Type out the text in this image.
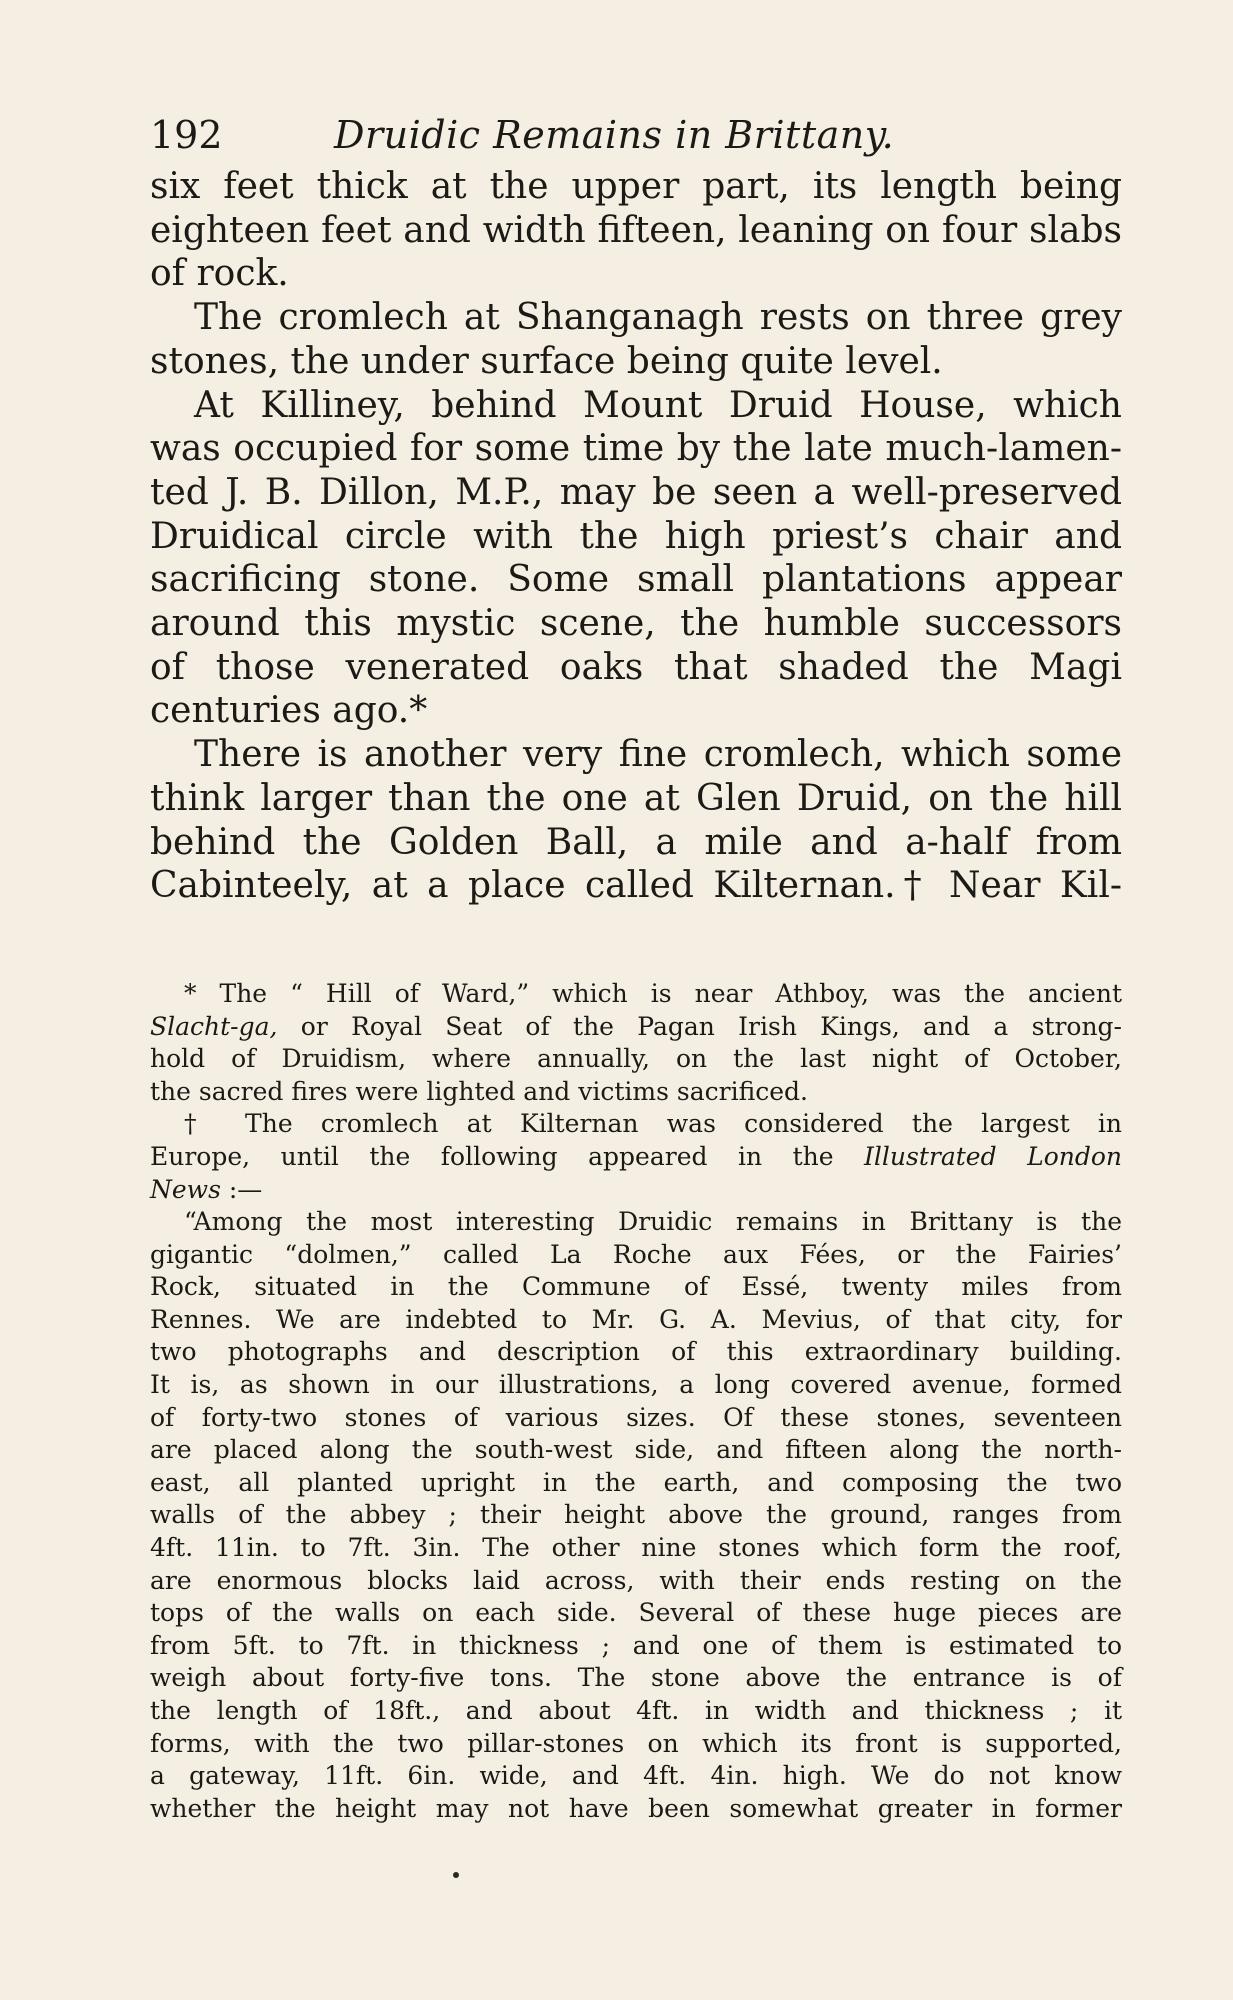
192	Druidic Remains in Brittany.

six feet thick at the upper part, its length being

eighteen feet and width fifteen, leaning on four slabs

of rock.

The cromlech at Shanganagh rests on three grey

stones, the under surface being quite level.

At Killiney, behind Mount Druid House, which

was occupied for some time by the late much-lamen-

ted J. B. Dillon, M.P., may be seen a well-preserved

Druidical circle with the high priest’s chair and

sacrificing stone. Some small plantations appear

around this mystic scene, the humble successors

of those venerated oaks that shaded the Magi

centuries ago.*

There is another very fine cromlech, which some

think larger than the one at Glen Druid, on the hill

behind the Golden Ball, a mile and a-half from

Cabinteely, at a place called Kilternan.† Near Kil-

* The “ Hill of Ward,” which is near Athboy, was the ancient

Slacht-ga, or Royal Seat of the Pagan Irish Kings, and a strong-

hold of Druidism, where annually, on the last night of October,

the sacred fires were lighted and victims sacrificed.

† The cromlech at Kilternan was considered the largest in

Europe, until the following appeared in the Illustrated London

News :—

“Among the most interesting Druidic remains in Brittany is the

gigantic “dolmen,” called La Roche aux Fées, or the Fairies’

Rock, situated in the Commune of Essé, twenty miles from

Rennes. We are indebted to Mr. G. A. Mevius, of that city, for

two photographs and description of this extraordinary building.

It is, as shown in our illustrations, a long covered avenue, formed

of forty-two stones of various sizes. Of these stones, seventeen

are placed along the south-west side, and fifteen along the north-

east, all planted upright in the earth, and composing the two

walls of the abbey ; their height above the ground, ranges from

4ft. 11in. to 7ft. 3in. The other nine stones which form the roof,

are enormous blocks laid across, with their ends resting on the

tops of the walls on each side. Several of these huge pieces are

from 5ft. to 7ft. in thickness ; and one of them is estimated to

weigh about forty-five tons. The stone above the entrance is of

the length of 18ft., and about 4ft. in width and thickness ; it

forms, with the two pillar-stones on which its front is supported,

a gateway, 11ft. 6in. wide, and 4ft. 4in. high. We do not know

whether the height may not have been somewhat greater in former
